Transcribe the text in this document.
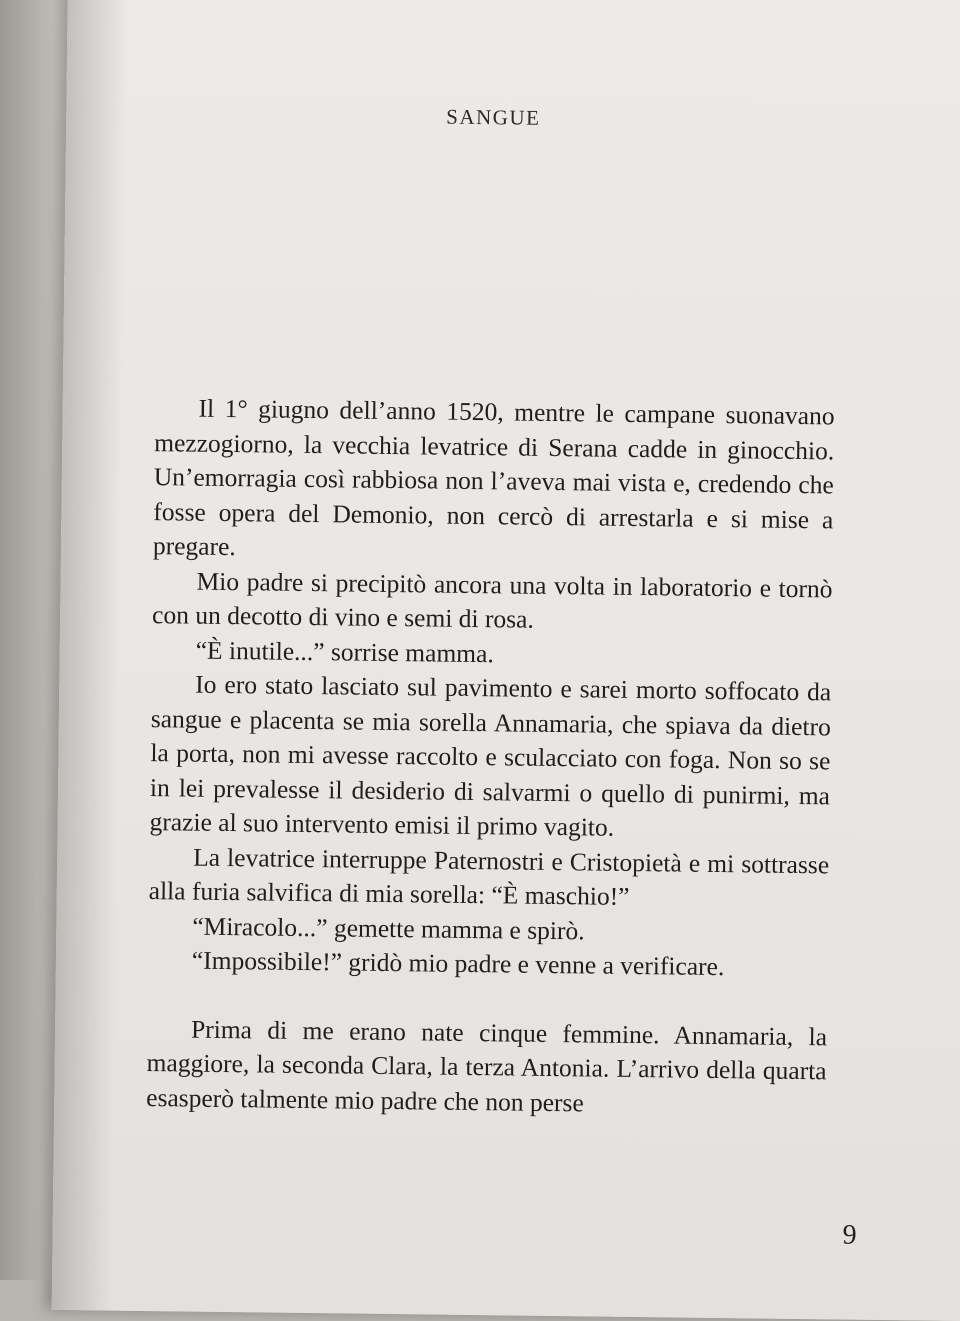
SANGUE

Il 1° giugno dell’anno 1520, mentre le campane suonavano mezzogiorno, la vecchia levatrice di Serana cadde in ginocchio. Un’emorragia così rabbiosa non l’aveva mai vista e, credendo che fosse opera del Demonio, non cercò di arrestarla e si mise a pregare.

Mio padre si precipitò ancora una volta in laboratorio e tornò con un decotto di vino e semi di rosa.

“È inutile...” sorrise mamma.

Io ero stato lasciato sul pavimento e sarei morto soffocato da sangue e placenta se mia sorella Annamaria, che spiava da dietro la porta, non mi avesse raccolto e sculacciato con foga. Non so se in lei prevalesse il desiderio di salvarmi o quello di punirmi, ma grazie al suo intervento emisi il primo vagito.

La levatrice interruppe Paternostri e Cristopietà e mi sottrasse alla furia salvifica di mia sorella: “È maschio!”

“Miracolo...” gemette mamma e spirò.

“Impossibile!” gridò mio padre e venne a verificare.

Prima di me erano nate cinque femmine. Annamaria, la maggiore, la seconda Clara, la terza Antonia. L’arrivo della quarta esasperò talmente mio padre che non perse

9
